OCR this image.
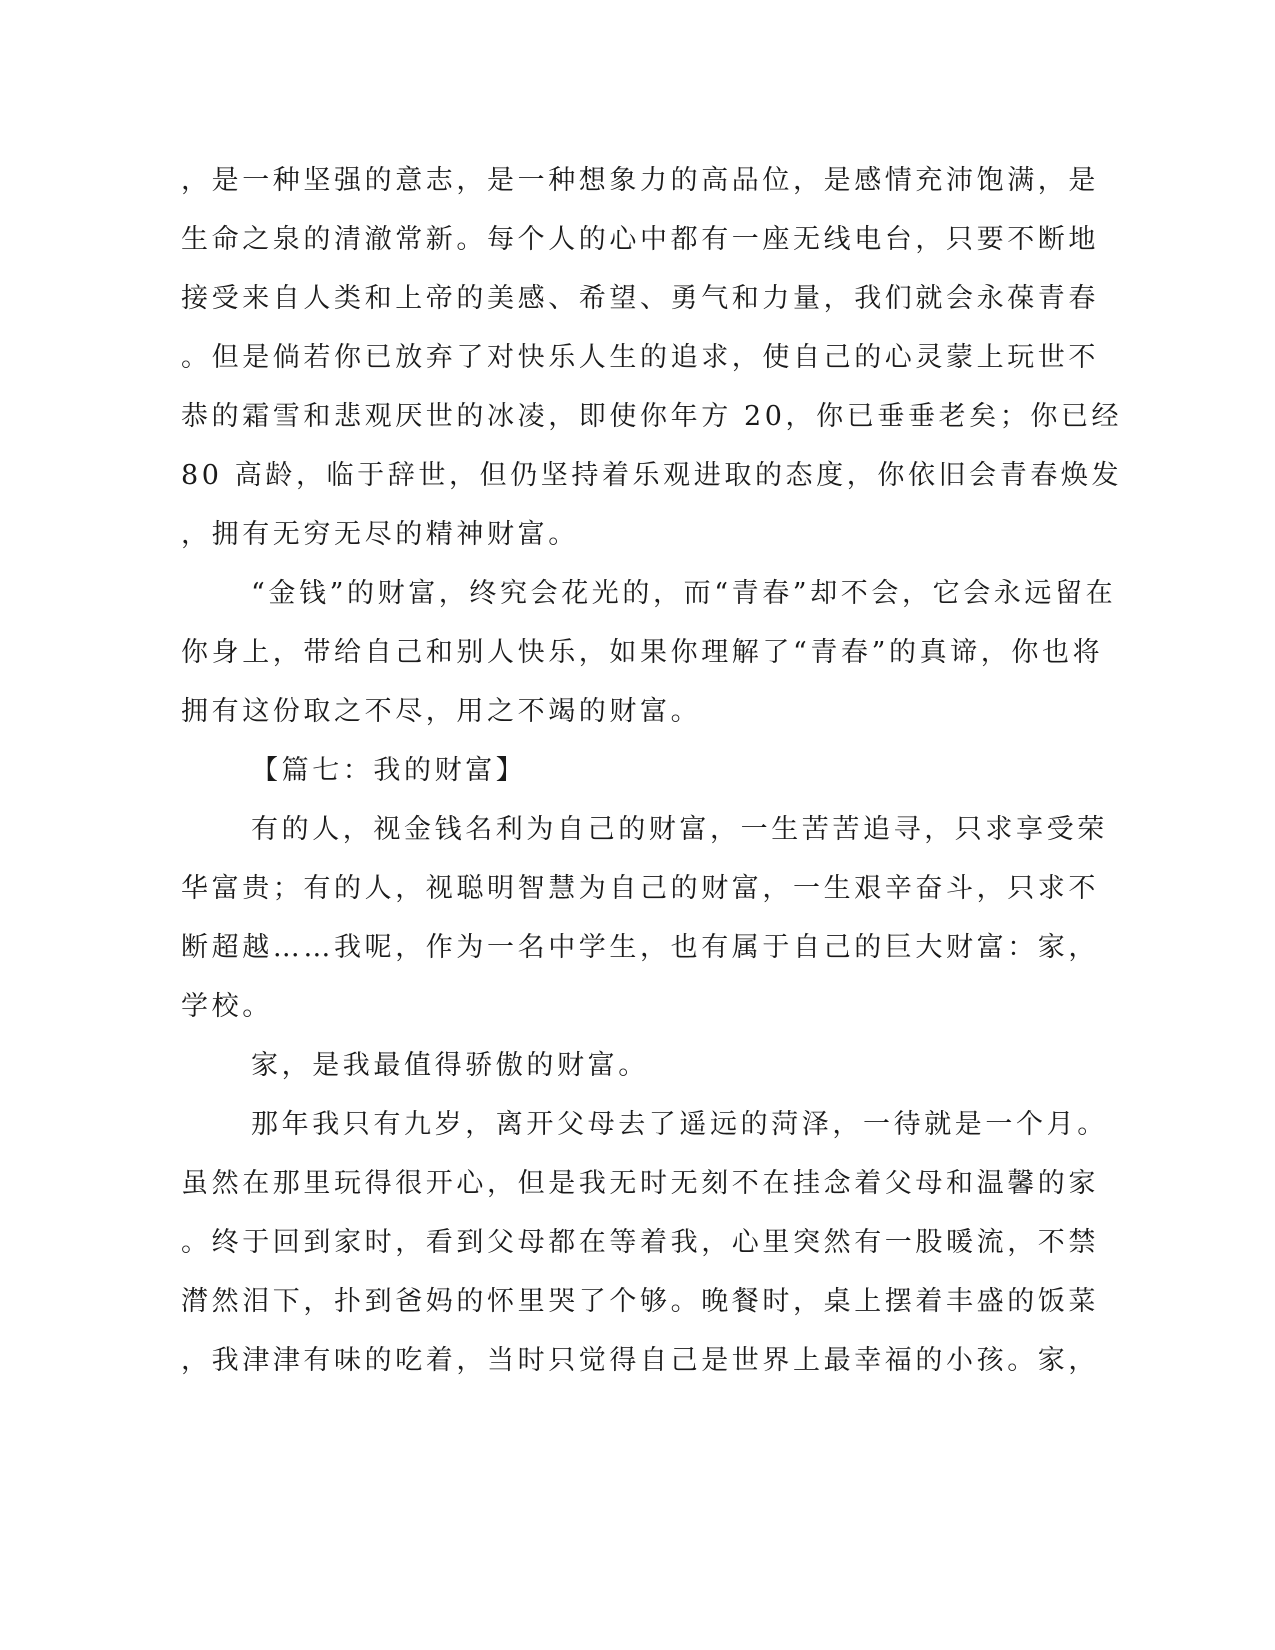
，是一种坚强的意志，是一种想象力的高品位，是感情充沛饱满，是
生命之泉的清澈常新。每个人的心中都有一座无线电台，只要不断地
接受来自人类和上帝的美感、希望、勇气和力量，我们就会永葆青春
。但是倘若你已放弃了对快乐人生的追求，使自己的心灵蒙上玩世不
恭的霜雪和悲观厌世的冰凌，即使你年方 20，你已垂垂老矣；你已经
80 高龄，临于辞世，但仍坚持着乐观进取的态度，你依旧会青春焕发
，拥有无穷无尽的精神财富。
“金钱”的财富，终究会花光的，而“青春”却不会，它会永远留在
你身上，带给自己和别人快乐，如果你理解了“青春”的真谛，你也将
拥有这份取之不尽，用之不竭的财富。
【篇七：我的财富】
有的人，视金钱名利为自己的财富，一生苦苦追寻，只求享受荣
华富贵；有的人，视聪明智慧为自己的财富，一生艰辛奋斗，只求不
断超越……我呢，作为一名中学生，也有属于自己的巨大财富：家，
学校。
家，是我最值得骄傲的财富。
那年我只有九岁，离开父母去了遥远的菏泽，一待就是一个月。
虽然在那里玩得很开心，但是我无时无刻不在挂念着父母和温馨的家
。终于回到家时，看到父母都在等着我，心里突然有一股暖流，不禁
潸然泪下，扑到爸妈的怀里哭了个够。晚餐时，桌上摆着丰盛的饭菜
，我津津有味的吃着，当时只觉得自己是世界上最幸福的小孩。家，
